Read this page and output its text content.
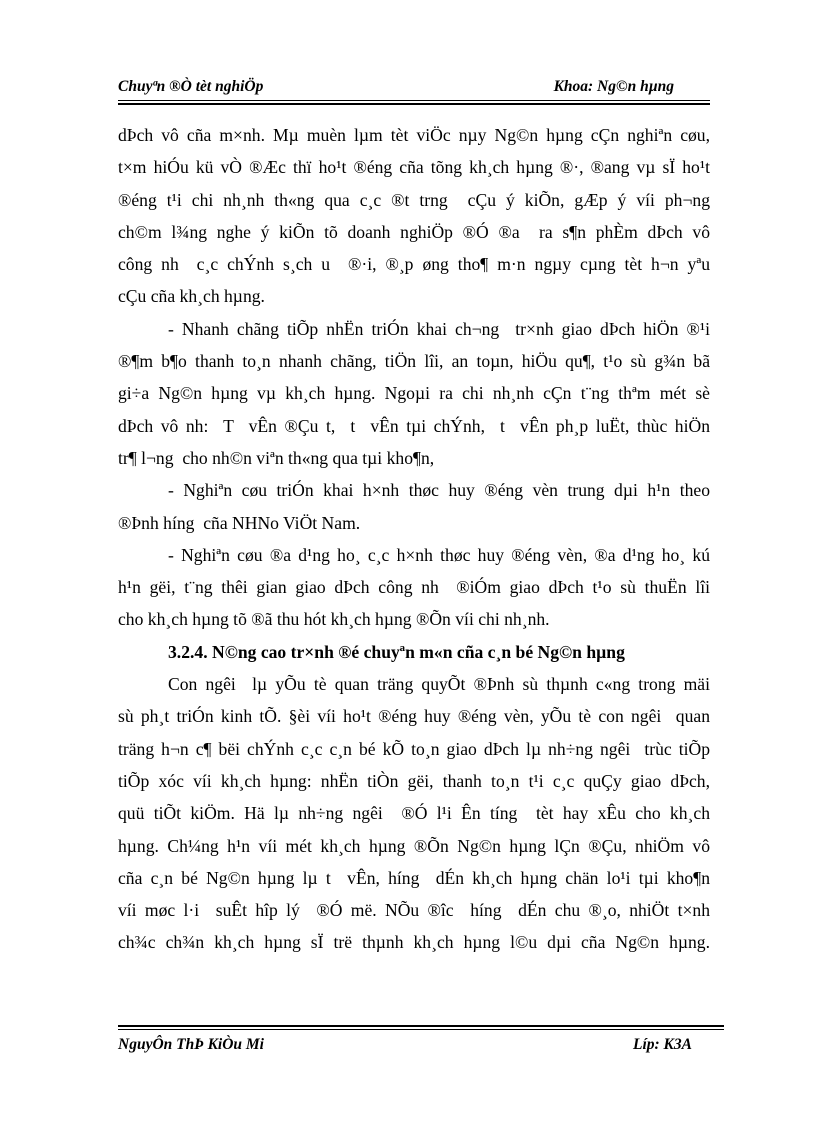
Chuyªn ®Ò tèt nghiÖp	Khoa: Ng©n hµng
dÞch vô cña m×nh. Mµ muèn lµm tèt viÖc nµy Ng©n hµng cÇn nghiªn cøu,
t×m hiÓu kü vÒ ®Æc thï ho¹t ®éng cña tõng kh¸ch hµng ®·, ®ang vµ sÏ ho¹t
®éng t¹i chi nh¸nh th«ng qua c¸c ®t trng  cÇu ý kiÕn, gÆp ý víi ph¬ng
ch©m l¾ng nghe ý kiÕn tõ doanh nghiÖp ®Ó ®a  ra s¶n phÈm dÞch vô
công nh  c¸c chÝnh s¸ch u  ®·i, ®¸p øng tho¶ m·n ngµy cµng tèt h¬n yªu
cÇu cña kh¸ch hµng.
- Nhanh chãng tiÕp nhËn triÓn khai ch¬ng  tr×nh giao dÞch hiÖn ®¹i
®¶m b¶o thanh to¸n nhanh chãng, tiÖn lîi, an toµn, hiÖu qu¶, t¹o sù g¾n bã
gi÷a Ng©n hµng vµ kh¸ch hµng. Ngoµi ra chi nh¸nh cÇn t¨ng thªm mét sè
dÞch vô nh:  T  vÊn ®Çu t,  t  vÊn tµi chÝnh,  t  vÊn ph¸p luËt, thùc hiÖn
tr¶ l¬ng  cho nh©n viªn th«ng qua tµi kho¶n,
- Nghiªn cøu triÓn khai h×nh thøc huy ®éng vèn trung dµi h¹n theo
®Þnh híng  cña NHNo ViÖt Nam.
- Nghiªn cøu ®a d¹ng ho¸ c¸c h×nh thøc huy ®éng vèn, ®a d¹ng ho¸ kú
h¹n gëi, t¨ng thêi gian giao dÞch công nh  ®iÓm giao dÞch t¹o sù thuËn lîi
cho kh¸ch hµng tõ ®ã thu hót kh¸ch hµng ®Õn víi chi nh¸nh.
3.2.4. N©ng cao tr×nh ®é chuyªn m«n cña c¸n bé Ng©n hµng
Con ngêi  lµ yÕu tè quan träng quyÕt ®Þnh sù thµnh c«ng trong mäi
sù ph¸t triÓn kinh tÕ. §èi víi ho¹t ®éng huy ®éng vèn, yÕu tè con ngêi  quan
träng h¬n c¶ bëi chÝnh c¸c c¸n bé kÕ to¸n giao dÞch lµ nh÷ng ngêi  trùc tiÕp
tiÕp xóc víi kh¸ch hµng: nhËn tiÒn gëi, thanh to¸n t¹i c¸c quÇy giao dÞch,
quü tiÕt kiÖm. Hä lµ nh÷ng ngêi  ®Ó l¹i Ên tíng  tèt hay xÊu cho kh¸ch
hµng. Ch¼ng h¹n víi mét kh¸ch hµng ®Õn Ng©n hµng lÇn ®Çu, nhiÖm vô
cña c¸n bé Ng©n hµng lµ t  vÊn, híng  dÉn kh¸ch hµng chän lo¹i tµi kho¶n
víi møc l·i  suÊt hîp lý  ®Ó më. NÕu ®îc  híng  dÉn chu ®¸o, nhiÖt t×nh
ch¾c ch¾n kh¸ch hµng sÏ trë thµnh kh¸ch hµng l©u dµi cña Ng©n hµng.
NguyÔn ThÞ KiÒu Mi	Líp: K3A
